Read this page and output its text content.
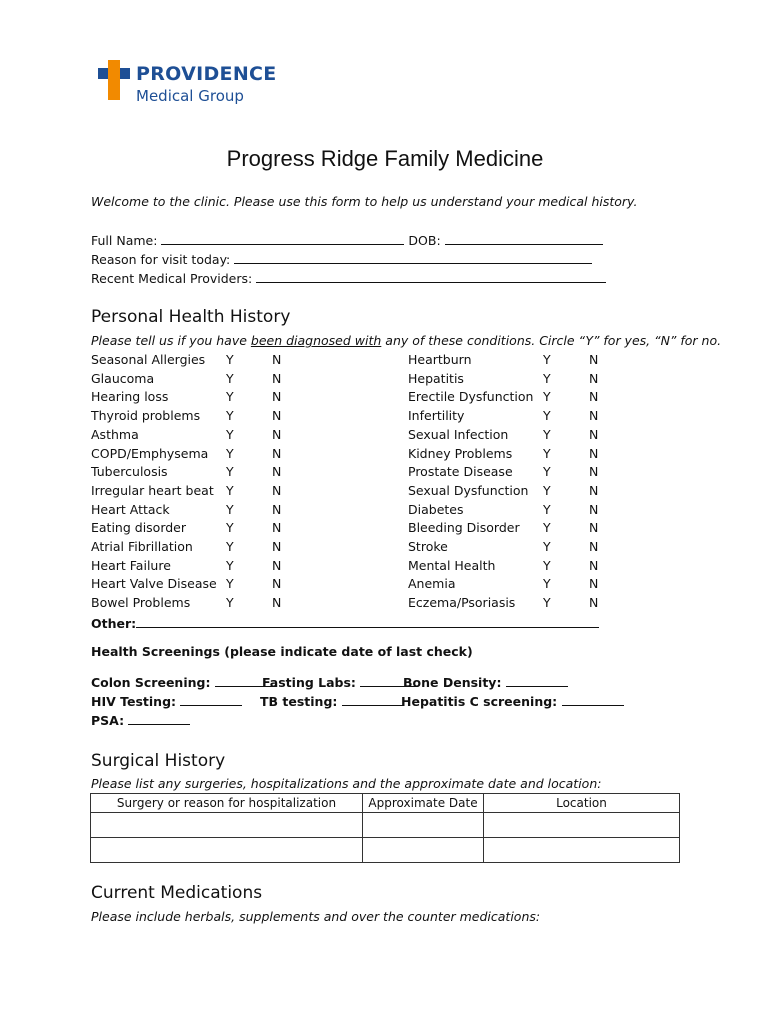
PROVIDENCE
Medical Group
Progress Ridge Family Medicine
Welcome to the clinic. Please use this form to help us understand your medical history.
Full Name:	DOB:
Reason for visit today:
Recent Medical Providers:
Personal Health History
Please tell us if you have been diagnosed with any of these conditions. Circle “Y” for yes, “N” for no.
Seasonal Allergies Y	N
Glaucoma	Y	N
Hearing loss	Y	N
Thyroid problems Y	N
Asthma	Y	N
COPD/Emphysema Y	N
Tuberculosis	Y	N
Irregular heart beat Y	N
Heart Attack	Y	N
Eating disorder	Y	N
Atrial Fibrillation	Y	N
Heart Failure	Y	N
Heart Valve Disease Y	N
Bowel Problems	Y	N
Heartburn	Y	N
Hepatitis	Y	N
Erectile Dysfunction Y	N
Infertility	Y	N
Sexual Infection	Y	N
Kidney Problems Y	N
Prostate Disease Y	N
Sexual Dysfunction Y	N
Diabetes	Y	N
Bleeding Disorder Y	N
Stroke	Y	N
Mental Health	Y	N
Anemia	Y	N
Eczema/Psoriasis Y	N
Other:
Health Screenings (please indicate date of last check)
Colon Screening:	Fasting Labs:	Bone Density:
HIV Testing:	TB testing:	Hepatitis C screening:
PSA:
Surgical History
Please list any surgeries, hospitalizations and the approximate date and location:
Surgery or reason for hospitalization	Approximate Date	Location

Current Medications
Please include herbals, supplements and over the counter medications:
